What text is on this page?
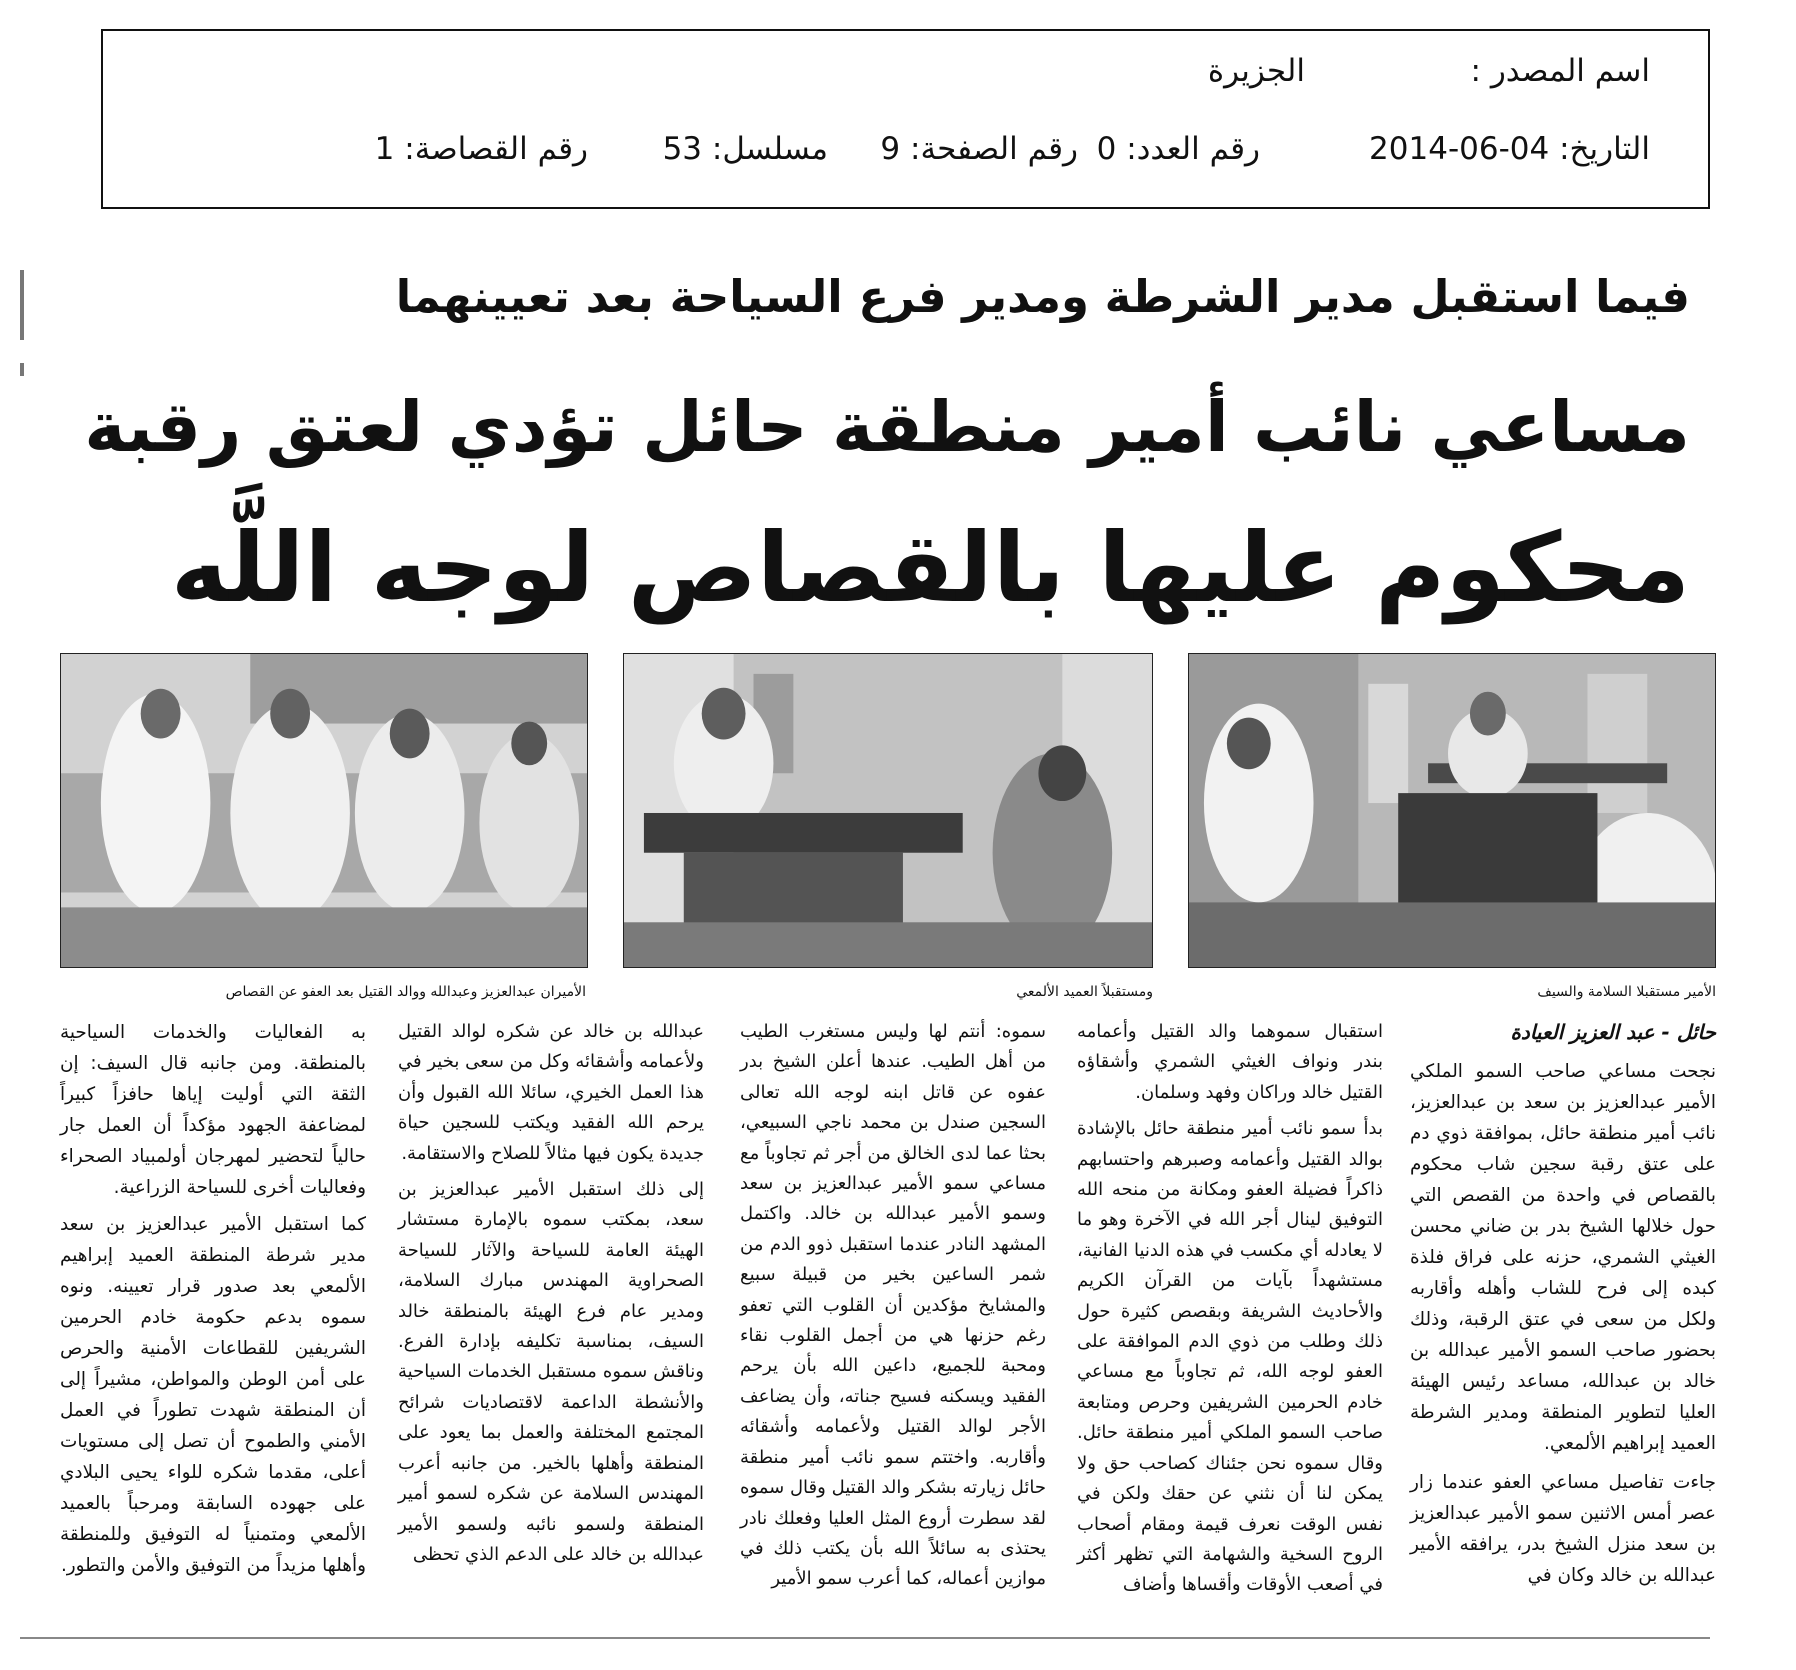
اسم المصدر :
الجزيرة
التاريخ: 2014-06-04
رقم العدد: 0
رقم الصفحة: 9
مسلسل: 53
رقم القصاصة: 1
فيما استقبل مدير الشرطة ومدير فرع السياحة بعد تعيينهما
مساعي نائب أمير منطقة حائل تؤدي لعتق رقبة
محكوم عليها بالقصاص لوجه اللَّه
الأمير مستقبلا السلامة والسيف
ومستقبلاً العميد الألمعي
الأميران عبدالعزيز وعبدالله ووالد القتيل بعد العفو عن القصاص
حائل - عبد العزيز العيادة

نجحت مساعي صاحب السمو الملكي الأمير عبدالعزيز بن سعد بن عبدالعزيز، نائب أمير منطقة حائل، بموافقة ذوي دم على عتق رقبة سجين شاب محكوم بالقصاص في واحدة من القصص التي حول خلالها الشيخ بدر بن ضاني محسن الغيثي الشمري، حزنه على فراق فلذة كبده إلى فرح للشاب وأهله وأقاربه ولكل من سعى في عتق الرقبة، وذلك بحضور صاحب السمو الأمير عبدالله بن خالد بن عبدالله، مساعد رئيس الهيئة العليا لتطوير المنطقة ومدير الشرطة العميد إبراهيم الألمعي.

جاءت تفاصيل مساعي العفو عندما زار عصر أمس الاثنين سمو الأمير عبدالعزيز بن سعد منزل الشيخ بدر، يرافقه الأمير عبدالله بن خالد وكان في

استقبال سموهما والد القتيل وأعمامه بندر ونواف الغيثي الشمري وأشقاؤه القتيل خالد وراكان وفهد وسلمان.

بدأ سمو نائب أمير منطقة حائل بالإشادة بوالد القتيل وأعمامه وصبرهم واحتسابهم ذاكراً فضيلة العفو ومكانة من منحه الله التوفيق لينال أجر الله في الآخرة وهو ما لا يعادله أي مكسب في هذه الدنيا الفانية، مستشهداً بآيات من القرآن الكريم والأحاديث الشريفة وبقصص كثيرة حول ذلك وطلب من ذوي الدم الموافقة على العفو لوجه الله، ثم تجاوباً مع مساعي خادم الحرمين الشريفين وحرص ومتابعة صاحب السمو الملكي أمير منطقة حائل. وقال سموه نحن جئناك كصاحب حق ولا يمكن لنا أن نثني عن حقك ولكن في نفس الوقت نعرف قيمة ومقام أصحاب الروح السخية والشهامة التي تظهر أكثر في أصعب الأوقات وأقساها وأضاف

سموه: أنتم لها وليس مستغرب الطيب من أهل الطيب. عندها أعلن الشيخ بدر عفوه عن قاتل ابنه لوجه الله تعالى السجين صندل بن محمد ناجي السبيعي، بحثا عما لدى الخالق من أجر ثم تجاوباً مع مساعي سمو الأمير عبدالعزيز بن سعد وسمو الأمير عبدالله بن خالد. واكتمل المشهد النادر عندما استقبل ذوو الدم من شمر الساعين بخير من قبيلة سبيع والمشايخ مؤكدين أن القلوب التي تعفو رغم حزنها هي من أجمل القلوب نقاء ومحبة للجميع، داعين الله بأن يرحم الفقيد ويسكنه فسيح جناته، وأن يضاعف الأجر لوالد القتيل ولأعمامه وأشقائه وأقاربه. واختتم سمو نائب أمير منطقة حائل زيارته بشكر والد القتيل وقال سموه لقد سطرت أروع المثل العليا وفعلك نادر يحتذى به سائلاً الله بأن يكتب ذلك في موازين أعماله، كما أعرب سمو الأمير

عبدالله بن خالد عن شكره لوالد القتيل ولأعمامه وأشقائه وكل من سعى بخير في هذا العمل الخيري، سائلا الله القبول وأن يرحم الله الفقيد ويكتب للسجين حياة جديدة يكون فيها مثالاً للصلاح والاستقامة.

إلى ذلك استقبل الأمير عبدالعزيز بن سعد، بمكتب سموه بالإمارة مستشار الهيئة العامة للسياحة والآثار للسياحة الصحراوية المهندس مبارك السلامة، ومدير عام فرع الهيئة بالمنطقة خالد السيف، بمناسبة تكليفه بإدارة الفرع. وناقش سموه مستقبل الخدمات السياحية والأنشطة الداعمة لاقتصاديات شرائح المجتمع المختلفة والعمل بما يعود على المنطقة وأهلها بالخير. من جانبه أعرب المهندس السلامة عن شكره لسمو أمير المنطقة ولسمو نائبه ولسمو الأمير عبدالله بن خالد على الدعم الذي تحظى

به الفعاليات والخدمات السياحية بالمنطقة. ومن جانبه قال السيف: إن الثقة التي أوليت إياها حافزاً كبيراً لمضاعفة الجهود مؤكداً أن العمل جار حالياً لتحضير لمهرجان أولمبياد الصحراء وفعاليات أخرى للسياحة الزراعية.

كما استقبل الأمير عبدالعزيز بن سعد مدير شرطة المنطقة العميد إبراهيم الألمعي بعد صدور قرار تعيينه. ونوه سموه بدعم حكومة خادم الحرمين الشريفين للقطاعات الأمنية والحرص على أمن الوطن والمواطن، مشيراً إلى أن المنطقة شهدت تطوراً في العمل الأمني والطموح أن تصل إلى مستويات أعلى، مقدما شكره للواء يحيى البلادي على جهوده السابقة ومرحباً بالعميد الألمعي ومتمنياً له التوفيق وللمنطقة وأهلها مزيداً من التوفيق والأمن والتطور.
